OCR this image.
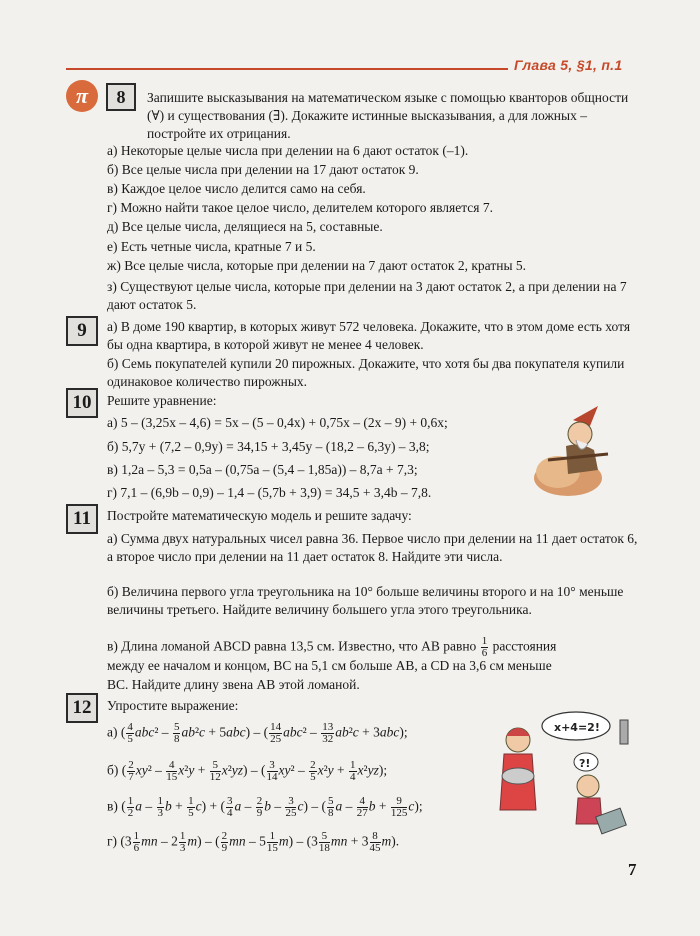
Глава 5, §1, п.1
π	8	Запишите высказывания на математическом языке с помощью кванторов общности (∀) и существования (∃). Докажите истинные высказывания, а для ложных – постройте их отрицания.
а) Некоторые целые числа при делении на 6 дают остаток (–1).
б) Все целые числа при делении на 17 дают остаток 9.
в) Каждое целое число делится само на себя.
г) Можно найти такое целое число, делителем которого является 7.
д) Все целые числа, делящиеся на 5, составные.
е) Есть четные числа, кратные 7 и 5.
ж) Все целые числа, которые при делении на 7 дают остаток 2, кратны 5.
з) Существуют целые числа, которые при делении на 3 дают остаток 2, а при делении на 7 дают остаток 5.
9	а) В доме 190 квартир, в которых живут 572 человека. Докажите, что в этом доме есть хотя бы одна квартира, в которой живут не менее 4 человек.
б) Семь покупателей купили 20 пирожных. Докажите, что хотя бы два покупателя купили одинаковое количество пирожных.
10	Решите уравнение:
а) 5 – (3,25x – 4,6) = 5x – (5 – 0,4x) + 0,75x – (2x – 9) + 0,6x;
б) 5,7y + (7,2 – 0,9y) = 34,15 + 3,45y – (18,2 – 6,3y) – 3,8;
в) 1,2a – 5,3 = 0,5a – (0,75a – (5,4 – 1,85a)) – 8,7a + 7,3;
г) 7,1 – (6,9b – 0,9) – 1,4 – (5,7b + 3,9) = 34,5 + 3,4b – 7,8.
11	Постройте математическую модель и решите задачу:
а) Сумма двух натуральных чисел равна 36. Первое число при делении на 11 дает остаток 6, а второе число при делении на 11 дает остаток 8. Найдите эти числа.
б) Величина первого угла треугольника на 10° больше величины второго и на 10° меньше величины третьего. Найдите величину большего угла этого треугольника.
в) Длина ломаной ABCD равна 13,5 см. Известно, что AB равно $\frac{1}{6}$ расстояния
между ее началом и концом, BC на 5,1 см больше AB, а CD на 3,6 см меньше
BC. Найдите длину звена AB этой ломаной.
12	Упростите выражение:
а) ( $\frac{4}{5} abc^2 - \frac{5}{8} ab^2c + 5abc$) – ( $\frac{14}{25} abc^2 - \frac{13}{32} ab^2c + 3abc$);
б) ( $\frac{2}{7} xy^2 - \frac{4}{15} x^2y + \frac{5}{12} x^2yz$) – ( $\frac{3}{14} xy^2 - \frac{2}{5} x^2y + \frac{1}{4} x^2yz$);
в) ( $\frac{1}{2}$ a – $\frac{1}{3}$ $b + \frac{1}{5} c$) + ( $\frac{3}{4}$ a – $\frac{2}{9}$ b – $\frac{3}{25} c$) – ( $\frac{5}{8}$ a – $\frac{4}{27}$ $b + \frac{9}{125} c$);
г) ($3 \frac{1}{6}$ mn – $2 \frac{1}{3} m$) – ( $\frac{2}{9}$ mn – $5 \frac{1}{15} m) - (3 \frac{5}{18}$ mn + $3 \frac{8}{45} m$).
x+4=2!
?!
7
